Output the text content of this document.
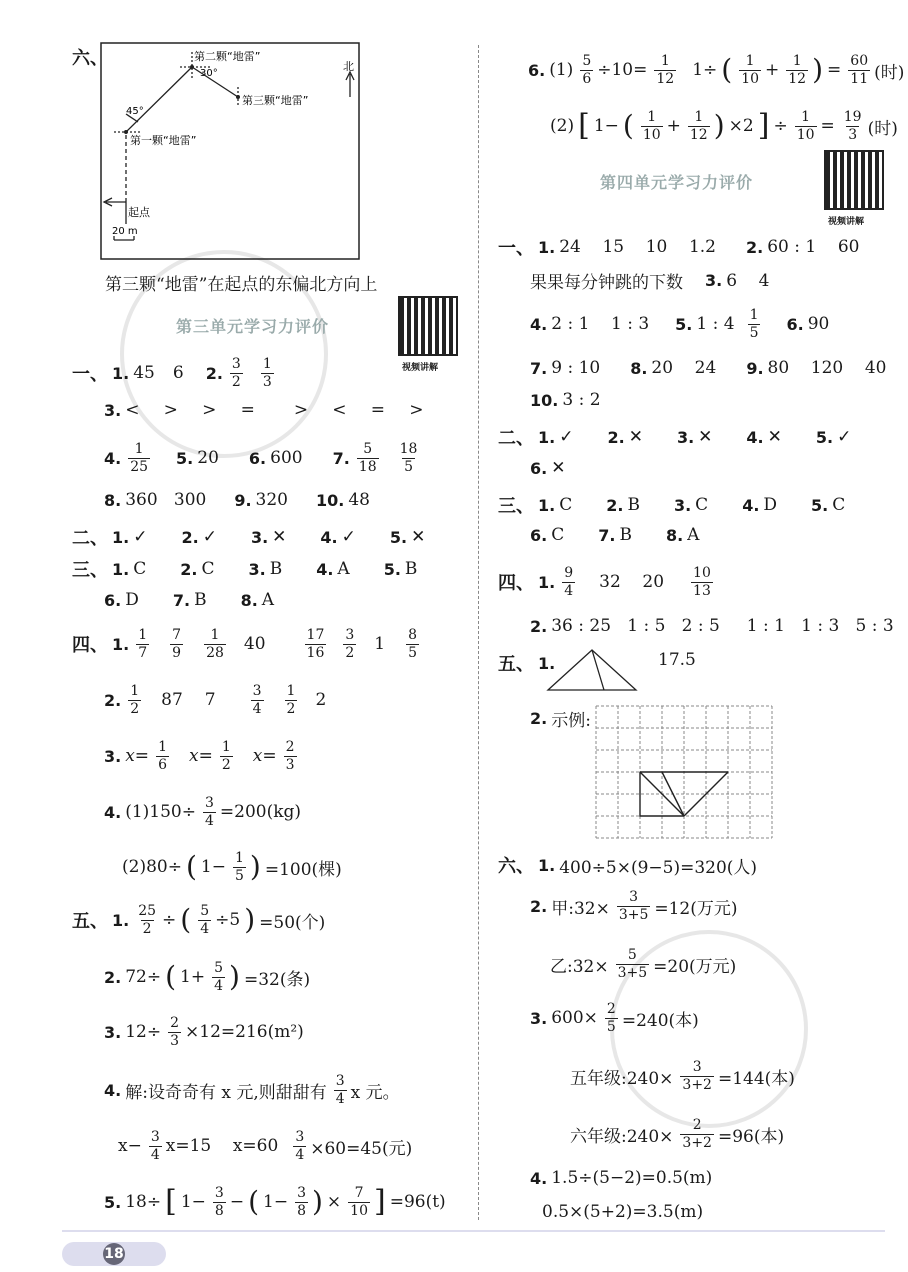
六、	第二颗“地雷”
30°
第三颗“地雷”
45°
第一颗“地雷”
起点
20 m
北
第三颗“地雷”在起点的东偏北方向上
第三单元学习力评价
视频讲解
一、 1. 45 6 2. 3
2
1
3
3. <   >   >   =     >   <   =   >
4. 1
25 5. 20 6. 600 7. 5
18
18
5
8. 360   300 9. 320 10. 48
二、 1. ✓ 2. ✓ 3. ✕ 4. ✓ 5. ✕
三、 1. C 2. C 3. B 4. A 5. B
6. D 7. B 8. A
四、 1. 1
7
7
9
1
28 40	17
16
3
2 1 8
5
2. 1
2 87 7	3
4
1
2 2
3. $x= \frac{1}{6} x= \frac{1}{2} x= \frac{2}{3}$
4. $(1)150\div \frac{3}{4} =200(kg)$
(2)80÷ ( $1- \frac{1}{5}$ ) =100(棵)
五、 1. $\frac{25}{2}$ ÷ ( $\frac{5}{4} \div 5$ ) =50(个)
2. 72÷ ( $1+ \frac{5}{4}$ ) =32(条)
3. $12\div \frac{2}{3} \times 12=216(m^2)$
4. 解:设奇奇有 x 元,则甜甜有
3
4 x 元。
$x- \frac{3}{4} x=15$    $x=60 \frac{3}{4} \times 60=45$(元)
5. 18÷ [ $1- \frac{3}{8}$ − ( $1- \frac{3}{8}$ ) × $\frac{7}{10}$ ] =96(t)
18
6. $(1) \frac{5}{6} \div 10= \frac{1}{12} 1\div$ ( 1
$10 + \frac{1}{12}$ ) = $\frac{60}{11}$ (时)
(2) [ 1− ( 1
$10 + \frac{1}{12}$ ) ×2 ] ÷ $\frac{1}{10} = \frac{19}{3}$ (时)
第四单元学习力评价
视频讲解
一、 1. 24    15    10    1.2 2. 60 : 1    60
果果每分钟跳的下数 3. 6    4
4. 2 : 1    1 : 3 5. 1 : 4 1
5 6. 90
7. 9 : 10 8. 20    24 9. 80    120    40
10. 3 : 2
二、 1. ✓ 2. ✕ 3. ✕ 4. ✕ 5. ✓
6. ✕
三、 1. C 2. B 3. C 4. D 5. C
6. C 7. B 8. A
四、 1. 9
4 32    20 10
13
2. 36 : 25   1 : 5   2 : 5     1 : 1   1 : 3   5 : 3
五、 1.	17.5
2. 示例:
六、 1. 400÷5×(9−5)=320(人)
2. 甲:32× $\frac{3}{3+5} =12$(万元)
乙:32× $\frac{5}{3+5} =20$(万元)
3. $600\times \frac{2}{5} =240$(本)
五年级:240× $\frac{3}{3+2} =144$(本)
六年级:240× $\frac{2}{3+2} =96$(本)
4. 1.5÷(5−2)=0.5(m)
0.5×(5+2)=3.5(m)
